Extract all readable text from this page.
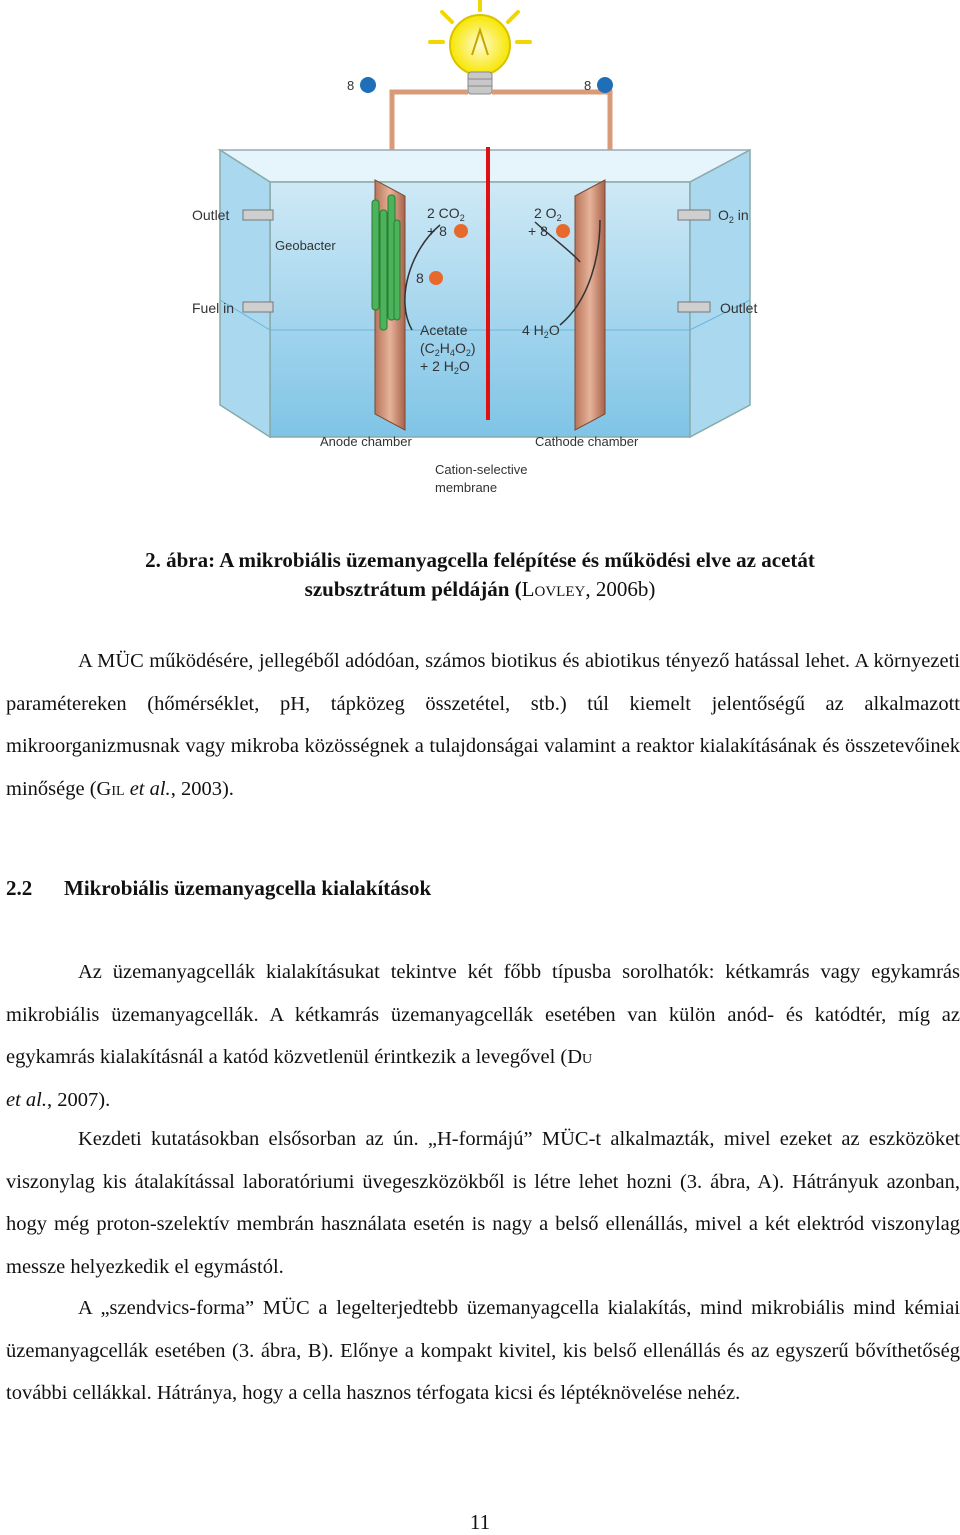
8	8
Outlet
Geobacter
Fuel in
2 $CO_2$
+ 8
8
Acetate
$(C_2H_4O_2)$
+ 2 $H_2O$
2 $O_2$
+ 8
$O_2$ in
Outlet
4 $H_2O$
Anode chamber	Cathode chamber
Cation-selective
membrane
2. ábra: A mikrobiális üzemanyagcella felépítése és működési elve az acetát
szubsztrátum példáján (Lovley, 2006b)

A MÜC működésére, jellegéből adódóan, számos biotikus és abiotikus tényező hatással lehet. A környezeti paramétereken (hőmérséklet, pH, tápközeg összetétel, stb.) túl kiemelt jelentőségű az alkalmazott mikroorganizmusnak vagy mikroba közösségnek a tulajdonságai valamint a reaktor kialakításának és összetevőinek minősége (Gil et al., 2003).

2.2 Mikrobiális üzemanyagcella kialakítások

Az üzemanyagcellák kialakításukat tekintve két főbb típusba sorolhatók: kétkamrás vagy egykamrás mikrobiális üzemanyagcellák. A kétkamrás üzemanyagcellák esetében van külön anód- és katódtér, míg az egykamrás kialakításnál a katód közvetlenül érintkezik a levegővel (Du
et al., 2007).

Kezdeti kutatásokban elsősorban az ún. „H-formájú” MÜC-t alkalmazták, mivel ezeket az eszközöket viszonylag kis átalakítással laboratóriumi üvegeszközökből is létre lehet hozni (3. ábra, A). Hátrányuk azonban, hogy még proton-szelektív membrán használata esetén is nagy a belső ellenállás, mivel a két elektród viszonylag messze helyezkedik el egymástól.

A „szendvics-forma” MÜC a legelterjedtebb üzemanyagcella kialakítás, mind mikrobiális mind kémiai üzemanyagcellák esetében (3. ábra, B). Előnye a kompakt kivitel, kis belső ellenállás és az egyszerű bővíthetőség további cellákkal. Hátránya, hogy a cella hasznos térfogata kicsi és léptéknövelése nehéz.

11
